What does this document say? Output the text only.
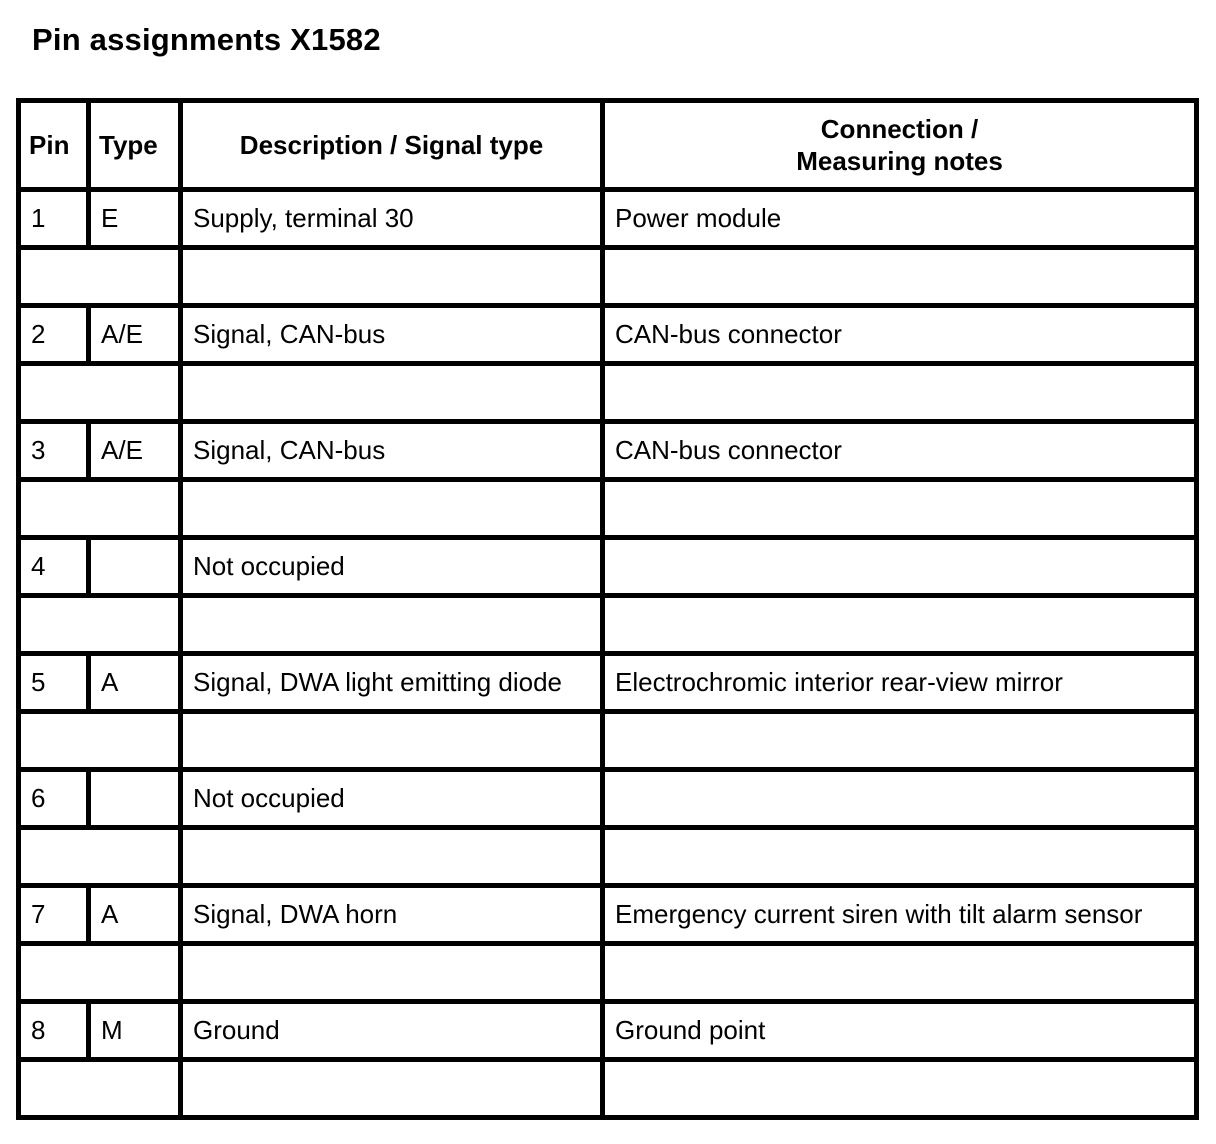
Pin assignments X1582
Pin	Type	Description / Signal type	Connection /
Measuring notes

1	E	Supply, terminal 30	Power module

2	A/E	Signal, CAN-bus	CAN-bus connector

3	A/E	Signal, CAN-bus	CAN-bus connector

4		Not occupied	

5	A	Signal, DWA light emitting diode	Electrochromic interior rear-view mirror

6		Not occupied	

7	A	Signal, DWA horn	Emergency current siren with tilt alarm sensor

8	M	Ground	Ground point
